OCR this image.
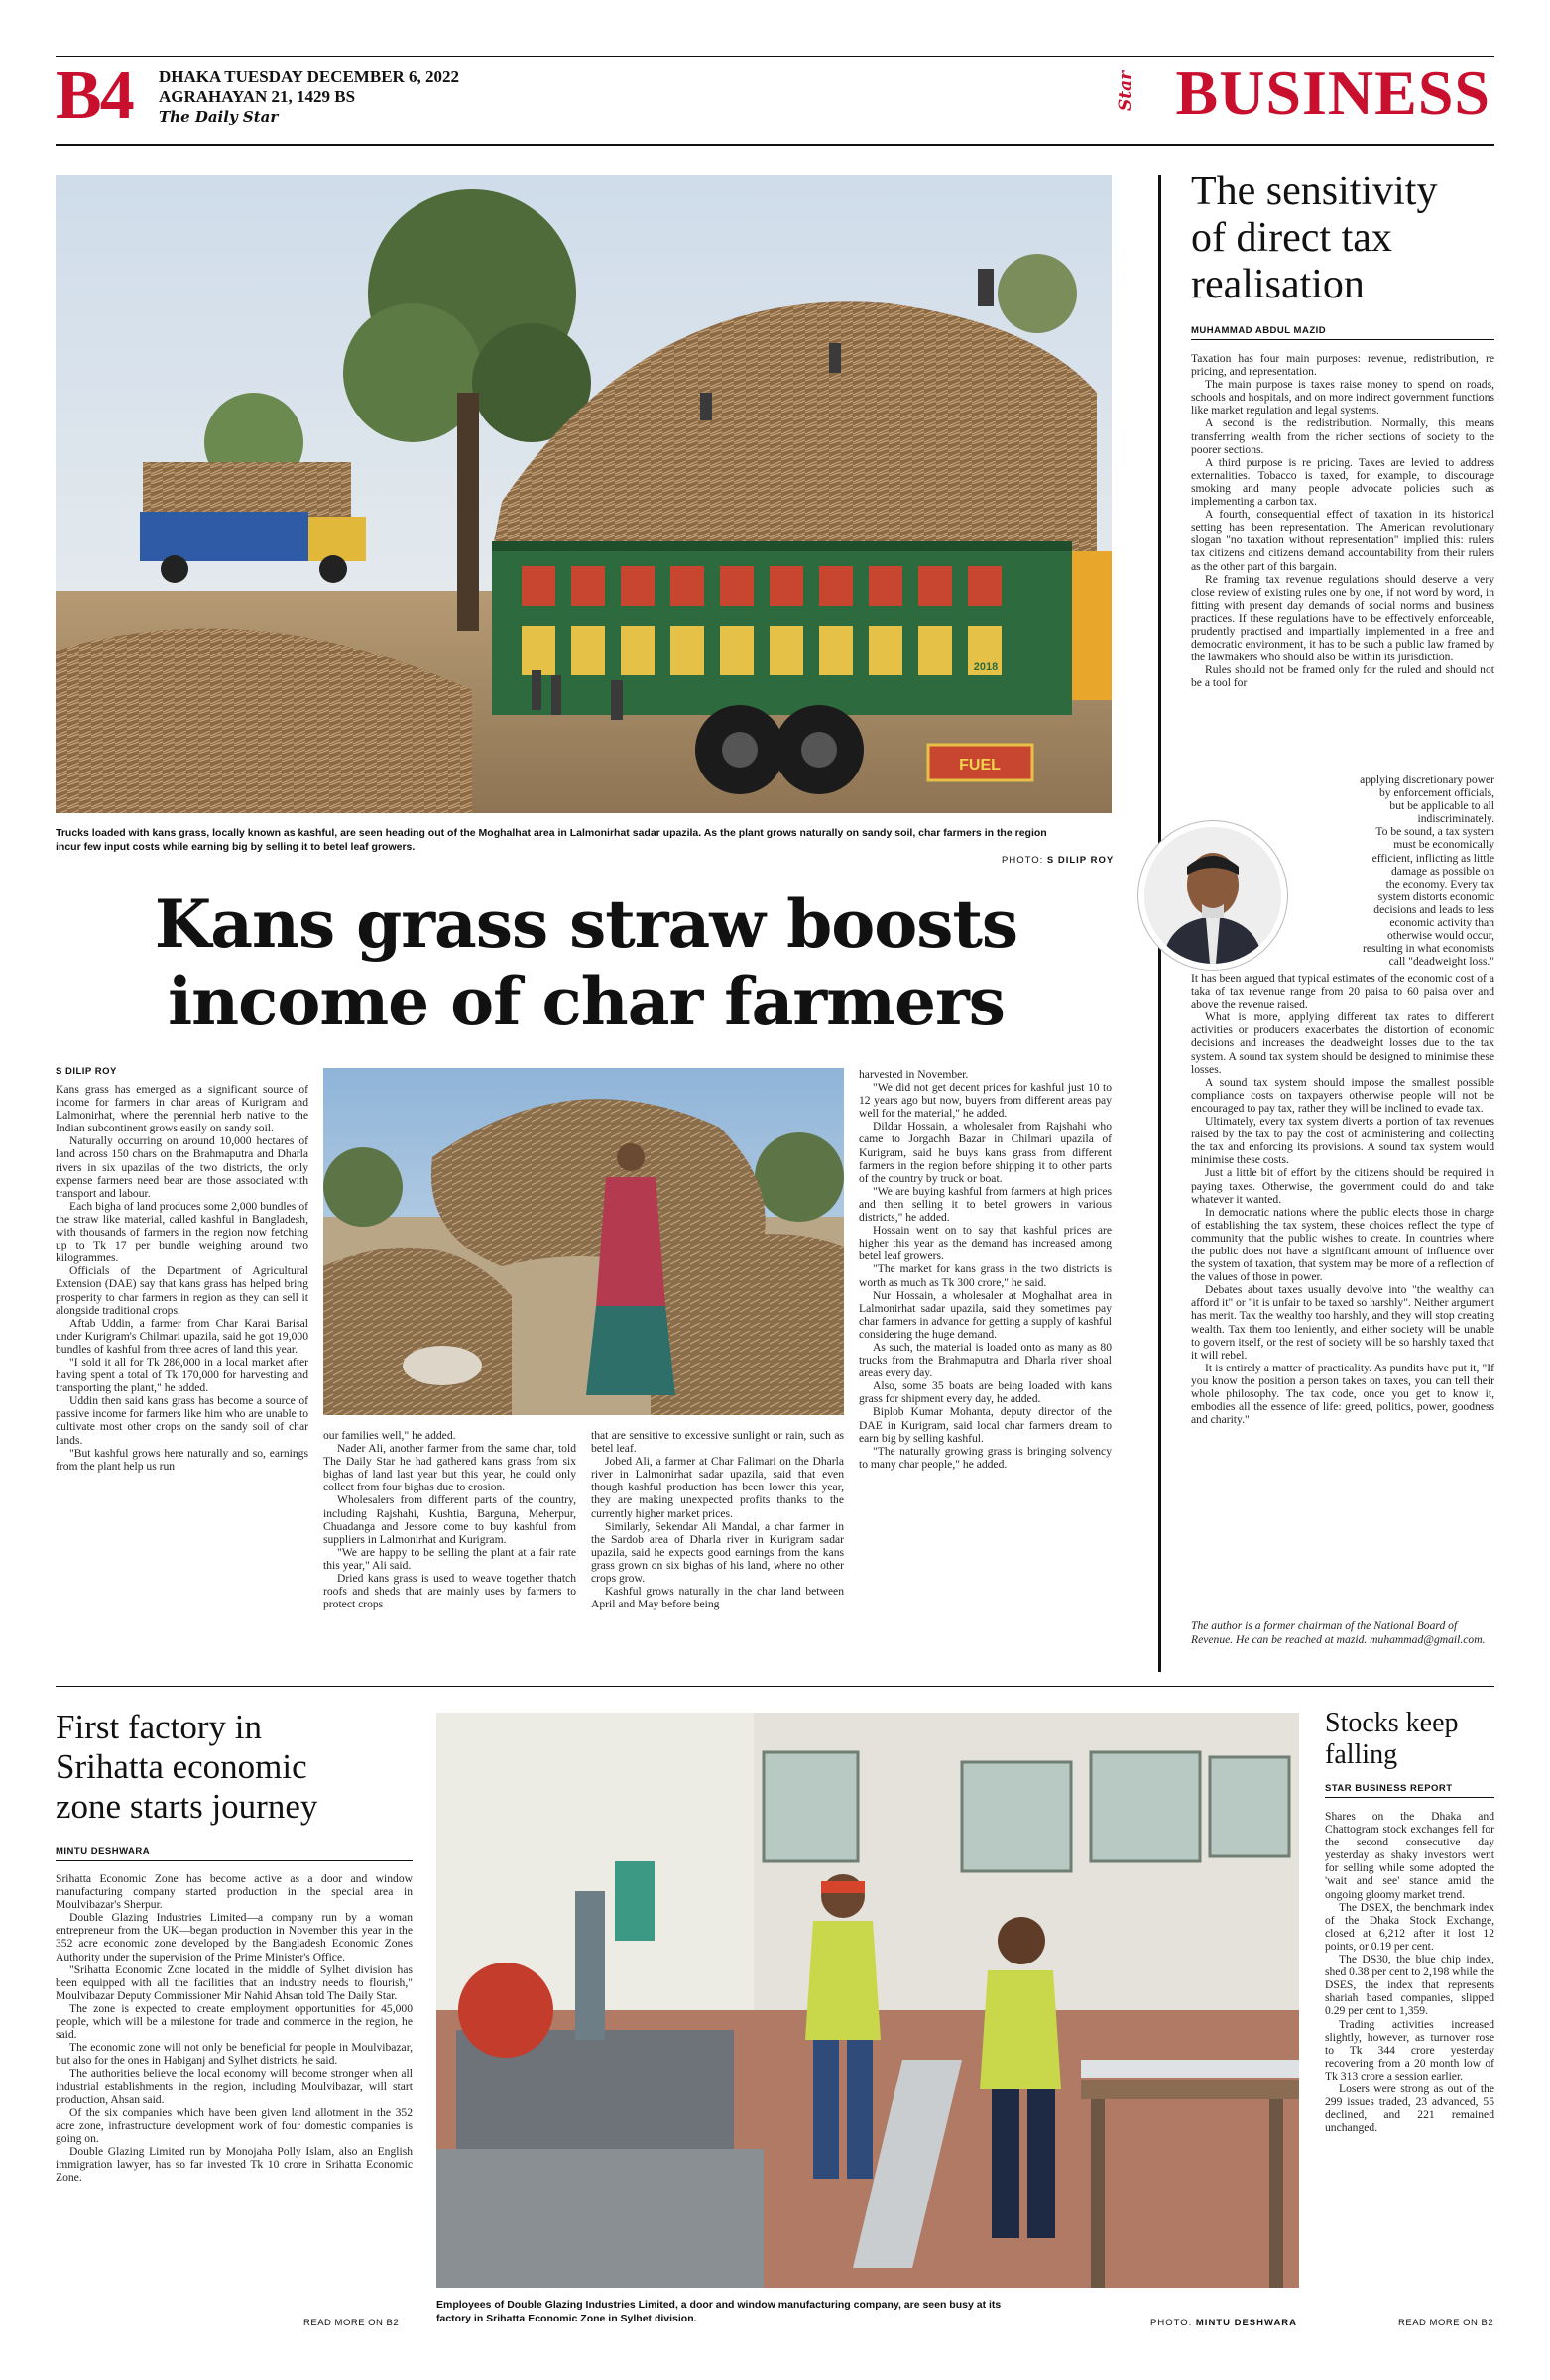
B4 DHAKA TUESDAY DECEMBER 6, 2022
AGRAHAYAN 21, 1429 BS
The Daily Star
Star BUSINESS
FUEL
2018
Trucks loaded with kans grass, locally known as kashful, are seen heading out of the Moghalhat area in Lalmonirhat sadar upazila. As the plant grows naturally on sandy soil, char farmers in the region incur few input costs while earning big by selling it to betel leaf growers.
PHOTO: S DILIP ROY
Kans grass straw boosts
income of char farmers
S DILIP ROY

Kans grass has emerged as a significant source of income for farmers in char areas of Kurigram and Lalmonirhat, where the perennial herb native to the Indian subcontinent grows easily on sandy soil.

Naturally occurring on around 10,000 hectares of land across 150 chars on the Brahmaputra and Dharla rivers in six upazilas of the two districts, the only expense farmers need bear are those associated with transport and labour.

Each bigha of land produces some 2,000 bundles of the straw like material, called kashful in Bangladesh, with thousands of farmers in the region now fetching up to Tk 17 per bundle weighing around two kilogrammes.

Officials of the Department of Agricultural Extension (DAE) say that kans grass has helped bring prosperity to char farmers in region as they can sell it alongside traditional crops.

Aftab Uddin, a farmer from Char Karai Barisal under Kurigram's Chilmari upazila, said he got 19,000 bundles of kashful from three acres of land this year.

"I sold it all for Tk 286,000 in a local market after having spent a total of Tk 170,000 for harvesting and transporting the plant," he added.

Uddin then said kans grass has become a source of passive income for farmers like him who are unable to cultivate most other crops on the sandy soil of char lands.

"But kashful grows here naturally and so, earnings from the plant help us run

our families well," he added.

Nader Ali, another farmer from the same char, told The Daily Star he had gathered kans grass from six bighas of land last year but this year, he could only collect from four bighas due to erosion.

Wholesalers from different parts of the country, including Rajshahi, Kushtia, Barguna, Meherpur, Chuadanga and Jessore come to buy kashful from suppliers in Lalmonirhat and Kurigram.

"We are happy to be selling the plant at a fair rate this year," Ali said.

Dried kans grass is used to weave together thatch roofs and sheds that are mainly uses by farmers to protect crops

that are sensitive to excessive sunlight or rain, such as betel leaf.

Jobed Ali, a farmer at Char Falimari on the Dharla river in Lalmonirhat sadar upazila, said that even though kashful production has been lower this year, they are making unexpected profits thanks to the currently higher market prices.

Similarly, Sekendar Ali Mandal, a char farmer in the Sardob area of Dharla river in Kurigram sadar upazila, said he expects good earnings from the kans grass grown on six bighas of his land, where no other crops grow.

Kashful grows naturally in the char land between April and May before being

harvested in November.

"We did not get decent prices for kashful just 10 to 12 years ago but now, buyers from different areas pay well for the material," he added.

Dildar Hossain, a wholesaler from Rajshahi who came to Jorgachh Bazar in Chilmari upazila of Kurigram, said he buys kans grass from different farmers in the region before shipping it to other parts of the country by truck or boat.

"We are buying kashful from farmers at high prices and then selling it to betel growers in various districts," he added.

Hossain went on to say that kashful prices are higher this year as the demand has increased among betel leaf growers.

"The market for kans grass in the two districts is worth as much as Tk 300 crore," he said.

Nur Hossain, a wholesaler at Moghalhat area in Lalmonirhat sadar upazila, said they sometimes pay char farmers in advance for getting a supply of kashful considering the huge demand.

As such, the material is loaded onto as many as 80 trucks from the Brahmaputra and Dharla river shoal areas every day.

Also, some 35 boats are being loaded with kans grass for shipment every day, he added.

Biplob Kumar Mohanta, deputy director of the DAE in Kurigram, said local char farmers dream to earn big by selling kashful.

"The naturally growing grass is bringing solvency to many char people," he added.

The sensitivity
of direct tax
realisation
MUHAMMAD ABDUL MAZID

Taxation has four main purposes: revenue, redistribution, re pricing, and representation.

The main purpose is taxes raise money to spend on roads, schools and hospitals, and on more indirect government functions like market regulation and legal systems.

A second is the redistribution. Normally, this means transferring wealth from the richer sections of society to the poorer sections.

A third purpose is re pricing. Taxes are levied to address externalities. Tobacco is taxed, for example, to discourage smoking and many people advocate policies such as implementing a carbon tax.

A fourth, consequential effect of taxation in its historical setting has been representation. The American revolutionary slogan "no taxation without representation" implied this: rulers tax citizens and citizens demand accountability from their rulers as the other part of this bargain.

Re framing tax revenue regulations should deserve a very close review of existing rules one by one, if not word by word, in fitting with present day demands of social norms and business practices. If these regulations have to be effectively enforceable, prudently practised and impartially implemented in a free and democratic environment, it has to be such a public law framed by the lawmakers who should also be within its jurisdiction.

Rules should not be framed only for the ruled and should not be a tool for

applying discretionary power
by enforcement officials,
but be applicable to all
indiscriminately.
To be sound, a tax system
must be economically
efficient, inflicting as little
damage as possible on
the economy. Every tax
system distorts economic
decisions and leads to less
economic activity than
otherwise would occur,
resulting in what economists
call "deadweight loss."

It has been argued that typical estimates of the economic cost of a taka of tax revenue range from 20 paisa to 60 paisa over and above the revenue raised.

What is more, applying different tax rates to different activities or producers exacerbates the distortion of economic decisions and increases the deadweight losses due to the tax system. A sound tax system should be designed to minimise these losses.

A sound tax system should impose the smallest possible compliance costs on taxpayers otherwise people will not be encouraged to pay tax, rather they will be inclined to evade tax.

Ultimately, every tax system diverts a portion of tax revenues raised by the tax to pay the cost of administering and collecting the tax and enforcing its provisions. A sound tax system would minimise these costs.

Just a little bit of effort by the citizens should be required in paying taxes. Otherwise, the government could do and take whatever it wanted.

In democratic nations where the public elects those in charge of establishing the tax system, these choices reflect the type of community that the public wishes to create. In countries where the public does not have a significant amount of influence over the system of taxation, that system may be more of a reflection of the values of those in power.

Debates about taxes usually devolve into "the wealthy can afford it" or "it is unfair to be taxed so harshly". Neither argument has merit. Tax the wealthy too harshly, and they will stop creating wealth. Tax them too leniently, and either society will be unable to govern itself, or the rest of society will be so harshly taxed that it will rebel.

It is entirely a matter of practicality. As pundits have put it, "If you know the position a person takes on taxes, you can tell their whole philosophy. The tax code, once you get to know it, embodies all the essence of life: greed, politics, power, goodness and charity."

The author is a former chairman of the National Board of Revenue. He can be reached at mazid. muhammad@gmail.com.
First factory in
Srihatta economic
zone starts journey
MINTU DESHWARA

Srihatta Economic Zone has become active as a door and window manufacturing company started production in the special area in Moulvibazar's Sherpur.

Double Glazing Industries Limited—a company run by a woman entrepreneur from the UK—began production in November this year in the 352 acre economic zone developed by the Bangladesh Economic Zones Authority under the supervision of the Prime Minister's Office.

"Srihatta Economic Zone located in the middle of Sylhet division has been equipped with all the facilities that an industry needs to flourish," Moulvibazar Deputy Commissioner Mir Nahid Ahsan told The Daily Star.

The zone is expected to create employment opportunities for 45,000 people, which will be a milestone for trade and commerce in the region, he said.

The economic zone will not only be beneficial for people in Moulvibazar, but also for the ones in Habiganj and Sylhet districts, he said.

The authorities believe the local economy will become stronger when all industrial establishments in the region, including Moulvibazar, will start production, Ahsan said.

Of the six companies which have been given land allotment in the 352 acre zone, infrastructure development work of four domestic companies is going on.

Double Glazing Limited run by Monojaha Polly Islam, also an English immigration lawyer, has so far invested Tk 10 crore in Srihatta Economic Zone.

READ MORE ON B2
Employees of Double Glazing Industries Limited, a door and window manufacturing company, are seen busy at its factory in Srihatta Economic Zone in Sylhet division.	PHOTO: MINTU DESHWARA
Stocks keep
falling
STAR BUSINESS REPORT

Shares on the Dhaka and Chattogram stock exchanges fell for the second consecutive day yesterday as shaky investors went for selling while some adopted the 'wait and see' stance amid the ongoing gloomy market trend.

The DSEX, the benchmark index of the Dhaka Stock Exchange, closed at 6,212 after it lost 12 points, or 0.19 per cent.

The DS30, the blue chip index, shed 0.38 per cent to 2,198 while the DSES, the index that represents shariah based companies, slipped 0.29 per cent to 1,359.

Trading activities increased slightly, however, as turnover rose to Tk 344 crore yesterday recovering from a 20 month low of Tk 313 crore a session earlier.

Losers were strong as out of the 299 issues traded, 23 advanced, 55 declined, and 221 remained unchanged.

READ MORE ON B2
